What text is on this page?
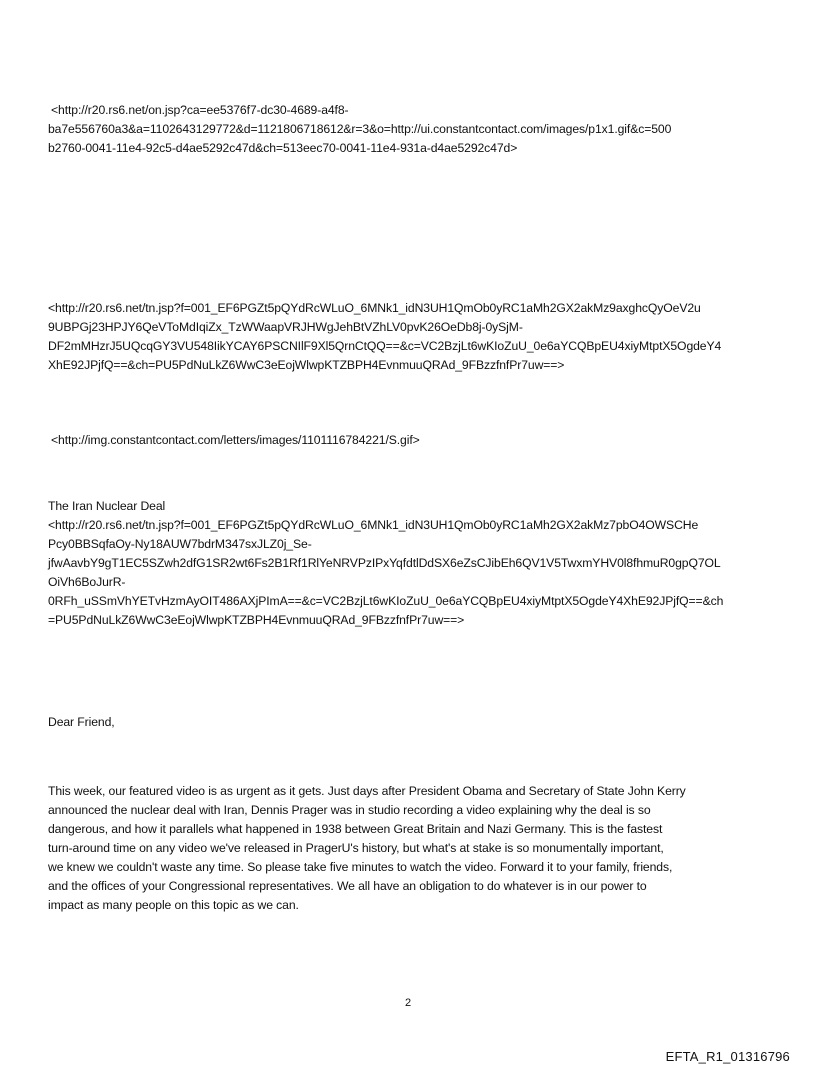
<http://r20.rs6.net/on.jsp?ca=ee5376f7-dc30-4689-a4f8-
ba7e556760a3&a=1102643129772&d=1121806718612&r=3&o=http://ui.constantcontact.com/images/p1x1.gif&c=500
b2760-0041-11e4-92c5-d4ae5292c47d&ch=513eec70-0041-11e4-931a-d4ae5292c47d>
<http://r20.rs6.net/tn.jsp?f=001_EF6PGZt5pQYdRcWLuO_6MNk1_idN3UH1QmOb0yRC1aMh2GX2akMz9axghcQyOeV2u
9UBPGj23HPJY6QeVToMdIqiZx_TzWWaapVRJHWgJehBtVZhLV0pvK26OeDb8j-0ySjM-
DF2mMHzrJ5UQcqGY3VU548IikYCAY6PSCNIlF9Xl5QrnCtQQ==&c=VC2BzjLt6wKIoZuU_0e6aYCQBpEU4xiyMtptX5OgdeY4
XhE92JPjfQ==&ch=PU5PdNuLkZ6WwC3eEojWlwpKTZBPH4EvnmuuQRAd_9FBzzfnfPr7uw==>
<http://img.constantcontact.com/letters/images/1101116784221/S.gif>
The Iran Nuclear Deal
<http://r20.rs6.net/tn.jsp?f=001_EF6PGZt5pQYdRcWLuO_6MNk1_idN3UH1QmOb0yRC1aMh2GX2akMz7pbO4OWSCHe
Pcy0BBSqfaOy-Ny18AUW7bdrM347sxJLZ0j_Se-
jfwAavbY9gT1EC5SZwh2dfG1SR2wt6Fs2B1Rf1RlYeNRVPzIPxYqfdtlDdSX6eZsCJibEh6QV1V5TwxmYHV0l8fhmuR0gpQ7OL
OiVh6BoJurR-
0RFh_uSSmVhYETvHzmAyOIT486AXjPImA==&c=VC2BzjLt6wKIoZuU_0e6aYCQBpEU4xiyMtptX5OgdeY4XhE92JPjfQ==&ch
=PU5PdNuLkZ6WwC3eEojWlwpKTZBPH4EvnmuuQRAd_9FBzzfnfPr7uw==>
Dear Friend,
This week, our featured video is as urgent as it gets. Just days after President Obama and Secretary of State John Kerry
announced the nuclear deal with Iran, Dennis Prager was in studio recording a video explaining why the deal is so
dangerous, and how it parallels what happened in 1938 between Great Britain and Nazi Germany. This is the fastest
turn-around time on any video we've released in PragerU's history, but what's at stake is so monumentally important,
we knew we couldn't waste any time. So please take five minutes to watch the video. Forward it to your family, friends,
and the offices of your Congressional representatives. We all have an obligation to do whatever is in our power to
impact as many people on this topic as we can.
2
EFTA_R1_01316796
